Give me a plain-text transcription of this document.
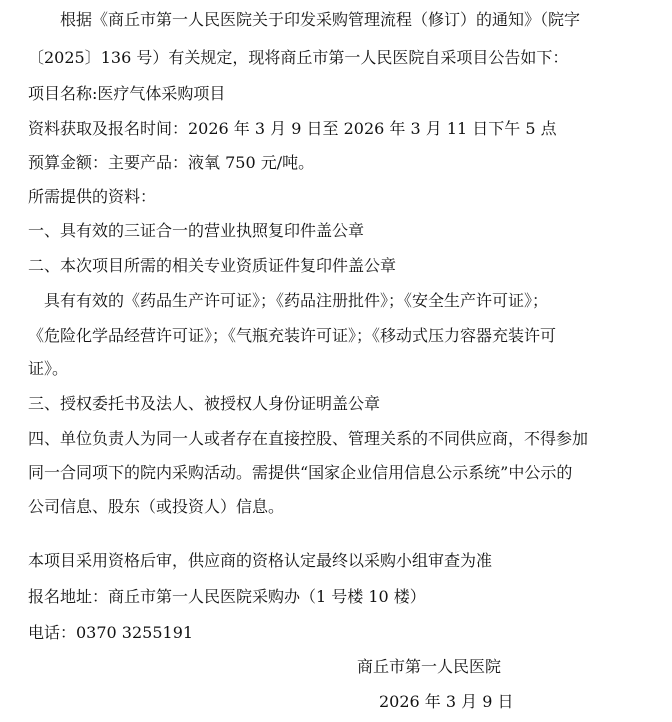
根据《商丘市第一人民医院关于印发采购管理流程（修订）的通知》（院字
〔2025〕136 号）有关规定，现将商丘市第一人民医院自采项目公告如下：
项目名称:医疗气体采购项目
资料获取及报名时间：2026 年 3 月 9 日至 2026 年 3 月 11 日下午 5 点
预算金额：主要产品：液氧 750 元/吨。
所需提供的资料：
一、具有效的三证合一的营业执照复印件盖公章
二、本次项目所需的相关专业资质证件复印件盖公章
具有有效的《药品生产许可证》；《药品注册批件》；《安全生产许可证》；
《危险化学品经营许可证》；《气瓶充装许可证》；《移动式压力容器充装许可
证》。
三、授权委托书及法人、被授权人身份证明盖公章
四、单位负责人为同一人或者存在直接控股、管理关系的不同供应商，不得参加
同一合同项下的院内采购活动。需提供“国家企业信用信息公示系统”中公示的
公司信息、股东（或投资人）信息。
本项目采用资格后审，供应商的资格认定最终以采购小组审查为准
报名地址：商丘市第一人民医院采购办（1 号楼 10 楼）
电话：0370 3255191
商丘市第一人民医院
2026 年 3 月 9 日
